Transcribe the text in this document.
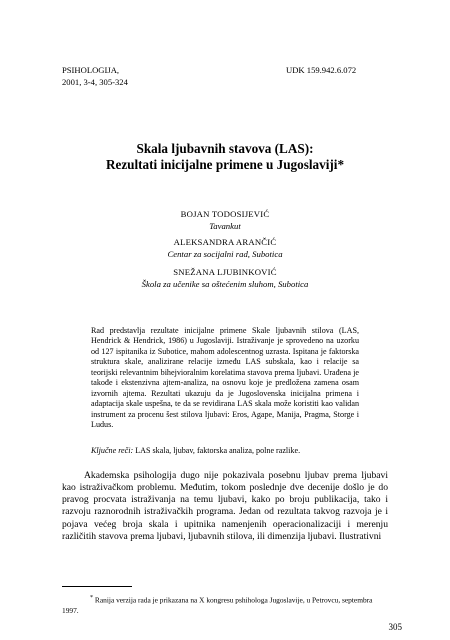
PSIHOLOGIJA,
2001, 3-4, 305-324
UDK 159.942.6.072
Skala ljubavnih stavova (LAS):
Rezultati inicijalne primene u Jugoslaviji*
BOJAN TODOSIJEVIĆ
Tavankut
ALEKSANDRA ARANČIĆ
Centar za socijalni rad, Subotica
SNEŽANA LJUBINKOVIĆ
Škola za učenike sa oštećenim sluhom, Subotica
Rad predstavlja rezultate inicijalne primene Skale ljubavnih stilova (LAS, Hendrick & Hendrick, 1986) u Jugoslaviji. Istraživanje je sprovedeno na uzorku od 127 ispitanika iz Subotice, mahom adolescentnog uzrasta. Ispitana je faktorska struktura skale, analizirane relacije između LAS subskala, kao i relacije sa teorijski relevantnim bihejvioralnim korelatima stavova prema ljubavi. Urađena je takođe i ekstenzivna ajtem-analiza, na osnovu koje je predložena zamena osam izvornih ajtema. Rezultati ukazuju da je Jugoslovenska inicijalna primena i adaptacija skale uspešna, te da se revidirana LAS skala može koristiti kao validan instrument za procenu šest stilova ljubavi: Eros, Agape, Manija, Pragma, Storge i Ludus.
Ključne reči: LAS skala, ljubav, faktorska analiza, polne razlike.
Akademska psihologija dugo nije pokazivala posebnu ljubav prema ljubavi kao istraživačkom problemu. Međutim, tokom poslednje dve decenije došlo je do pravog procvata istraživanja na temu ljubavi, kako po broju publikacija, tako i razvoju raznorodnih istraživačkih programa. Jedan od rezultata takvog razvoja je i pojava većeg broja skala i upitnika namenjenih operacionalizaciji i merenju različitih stavova prema ljubavi, ljubavnih stilova, ili dimenzija ljubavi. Ilustrativni
* Ranija verzija rada je prikazana na X kongresu pshihologa Jugoslavije, u Petrovcu, septembra 1997.
305
